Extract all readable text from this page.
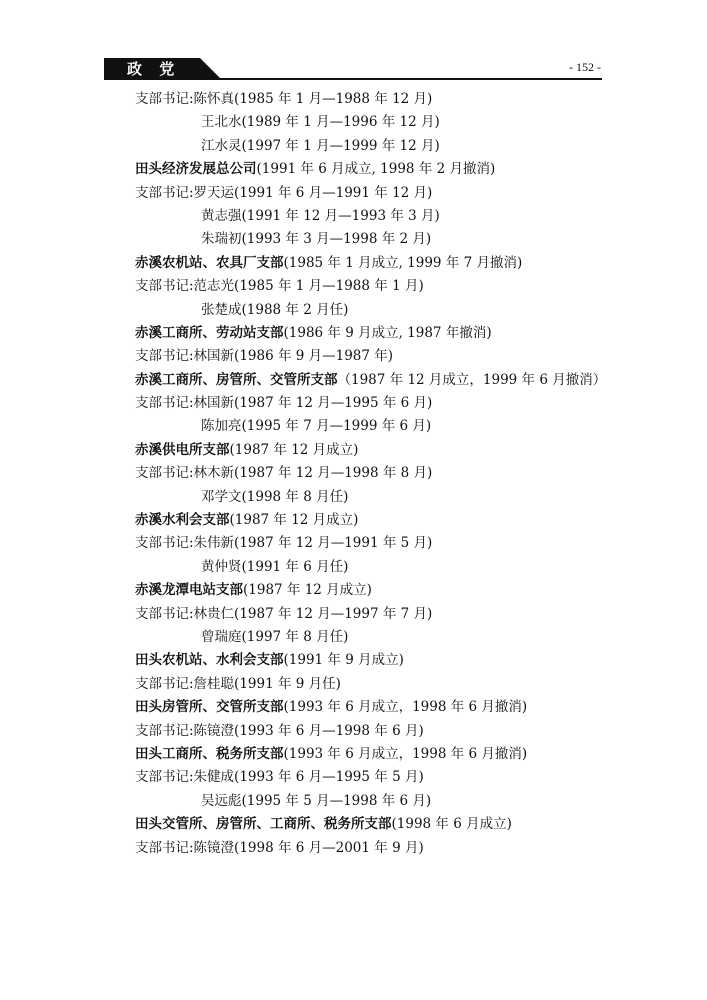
政 党	- 152 -
支部书记:陈怀真(1985 年 1 月—1988 年 12 月)
王北水(1989 年 1 月—1996 年 12 月)
江水灵(1997 年 1 月—1999 年 12 月)
田头经济发展总公司(1991 年 6 月成立, 1998 年 2 月撤消)
支部书记:罗天运(1991 年 6 月—1991 年 12 月)
黄志强(1991 年 12 月—1993 年 3 月)
朱瑞初(1993 年 3 月—1998 年 2 月)
赤溪农机站、农具厂支部(1985 年 1 月成立, 1999 年 7 月撤消)
支部书记:范志光(1985 年 1 月—1988 年 1 月)
张楚成(1988 年 2 月任)
赤溪工商所、劳动站支部(1986 年 9 月成立, 1987 年撤消)
支部书记:林国新(1986 年 9 月—1987 年)
赤溪工商所、房管所、交管所支部（1987 年 12 月成立，1999 年 6 月撤消）
支部书记:林国新(1987 年 12 月—1995 年 6 月)
陈加亮(1995 年 7 月—1999 年 6 月)
赤溪供电所支部(1987 年 12 月成立)
支部书记:林木新(1987 年 12 月—1998 年 8 月)
邓学文(1998 年 8 月任)
赤溪水利会支部(1987 年 12 月成立)
支部书记:朱伟新(1987 年 12 月—1991 年 5 月)
黄仲贤(1991 年 6 月任)
赤溪龙潭电站支部(1987 年 12 月成立)
支部书记:林贵仁(1987 年 12 月—1997 年 7 月)
曾瑞庭(1997 年 8 月任)
田头农机站、水利会支部(1991 年 9 月成立)
支部书记:詹桂聪(1991 年 9 月任)
田头房管所、交管所支部(1993 年 6 月成立，1998 年 6 月撤消)
支部书记:陈镜澄(1993 年 6 月—1998 年 6 月)
田头工商所、税务所支部(1993 年 6 月成立，1998 年 6 月撤消)
支部书记:朱健成(1993 年 6 月—1995 年 5 月)
吴远彪(1995 年 5 月—1998 年 6 月)
田头交管所、房管所、工商所、税务所支部(1998 年 6 月成立)
支部书记:陈镜澄(1998 年 6 月—2001 年 9 月)
